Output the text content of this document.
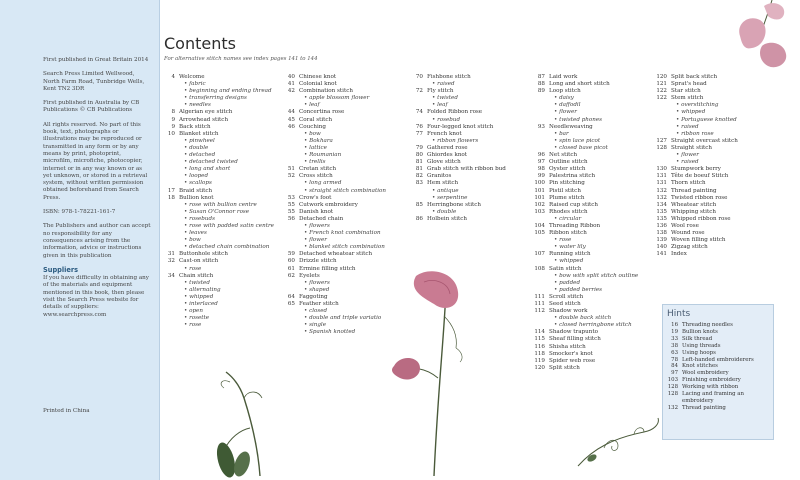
First published in Great Britain 2014

Search Press Limited Wellwood, North Farm Road, Tunbridge Wells, Kent TN2 3DR

First published in Australia by CB Publications © CB Publications

All rights reserved. No part of this book, text, photographs or illustrations may be reproduced or transmitted in any form or by any means by print, photoprint, microfilm, microfiche, photocopier, internet or in any way known or as yet unknown, or stored in a retrieval system, without written permission obtained beforehand from Search Press.

ISBN: 978-1-78221-161-7

The Publishers and author can accept no responsibility for any consequences arising from the information, advice or instructions given in this publication

Suppliers

If you have difficulty in obtaining any of the materials and equipment mentioned in this book, then please visit the Search Press website for details of suppliers: www.searchpress.com

Printed in China
Contents
For alternative stitch names see index pages 141 to 144
4 Welcome
• fabric
• beginning and ending thread
• transferring designs
• needles
8 Algerian eye stitch
9 Arrowhead stitch
9 Back stitch
10 Blanket stitch
• pinwheel
• double
• detached
• detached twisted
• long and short
• looped
• scallops
17 Braid stitch
18 Bullion knot
• rose with bullion centre
• Susan O'Connor rose
• rosebuds
• rose with padded satin centre
• leaves
• bow
• detached chain combination
31 Buttonhole stitch
32 Cast-on stitch
• rose
34 Chain stitch
• twisted
• alternating
• whipped
• interlaced
• open
• rosette
• rose
40 Chinese knot
41 Colonial knot
42 Combination stitch
• apple blossom flower
• leaf
44 Concertina rose
45 Coral stitch
46 Couching
• bow
• Bokhara
• lattice
• Roumanian
• trellis
51 Cretan stitch
52 Cross stitch
• long armed
• straight stitch combination
53 Crow's foot
55 Cutwork embroidery
55 Danish knot
56 Detached chain
• flowers
• French knot combination
• flower
• blanket stitch combination
59 Detached wheatear stitch
60 Drizzle stitch
61 Ermine filling stitch
62 Eyelets
• flowers
• shaped
64 Faggoting
65 Feather stitch
• closed
• double and triple variatio
• single
• Spanish knotted
70 Fishbone stitch
• raised
72 Fly stitch
• twisted
• leaf
74 Folded Ribbon rose
• rosebud
76 Four-legged knot stitch
77 French knot
• ribbon flowers
79 Gathered rose
80 Ghiordes knot
81 Glove stitch
81 Grab stitch with ribbon bud
82 Granitos
83 Hem stitch
• antique
• serpentine
85 Herringbone stitch
• double
86 Holbein stitch
87 Laid work
88 Long and short stitch
89 Loop stitch
• daisy
• daffodil
• flower
• twisted phones
93 Needleweaving
• bar
• spin lace picot
• closed base picot
96 Net stitch
97 Outline stitch
98 Oyster stitch
99 Palestrina stitch
100 Pin stitching
101 Pistil stitch
101 Plume stitch
102 Raised cup stitch
103 Rhodes stitch
• circular
104 Threading Ribbon
105 Ribbon stitch
• rose
• water lily
107 Running stitch
• whipped
108 Satin stitch
• bow with split stitch outline
• padded
• padded berries
111 Scroll stitch
111 Seed stitch
112 Shadow work
• double back stitch
• closed herringbone stitch
114 Shadow trapunto
115 Sheaf filling stitch
116 Shisha stitch
118 Smocker's knot
119 Spider web rose
120 Split stitch
120 Split back stitch
121 Sprat's head
122 Star stitch
122 Stem stitch
• overstitching
• whipped
• Portuguese knotted
• raised
• ribbon rose
127 Straight overcast stitch
128 Straight stitch
• flower
• raised
130 Stumpwork berry
131 Tête de boeuf Stitch
131 Thorn stitch
132 Thread painting
132 Twisted ribbon rose
134 Wheatear stitch
135 Whipping stitch
135 Whipped ribbon rose
136 Wool rose
138 Wound rose
139 Woven filling stitch
140 Zigzag stitch
141 Index
Hints
16 Threading needles
19 Bullion knots
33 Silk thread
38 Using threads
63 Using hoops
78 Left-handed embroiderers
84 Knot stitches
97 Wool embroidery
103 Finishing embroidery
128 Working with ribbon
128 Lacing and framing an embroidery
132 Thread painting
